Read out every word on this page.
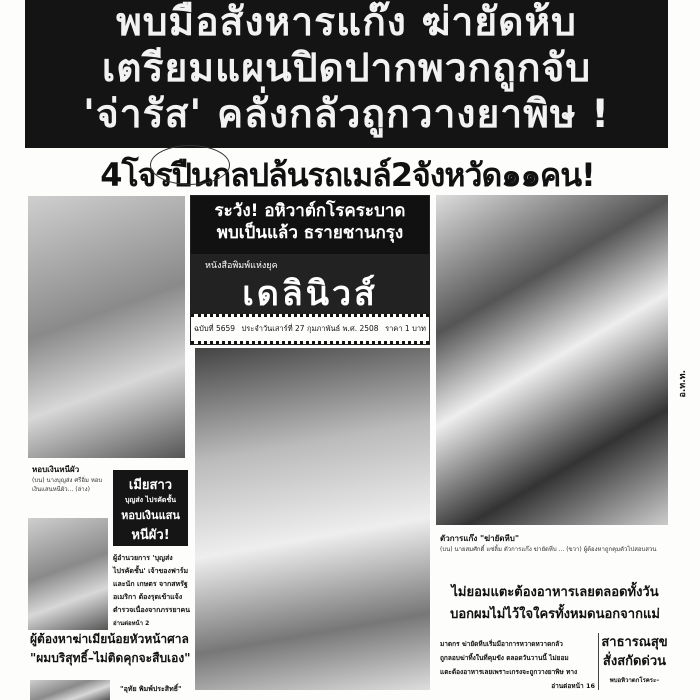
พบมือสังหารแก๊ง ฆ่ายัดห้บ
เตรียมแผนปิดปากพวกถูกจับ
'จ่ารัส' คลั่งกลัวถูกวางยาพิษ !
4โจรปืนกลปล้นรถเมล์2จังหวัด๑๑คน!
หอบเงินหนีผัว
(บน) นางบุญส่ง ศรีอิ่ม หอบเงินแสนหนีผัว... (ล่าง)	เมียสาว
บุญส่ง ไปรคัดชั้น
หอบเงินแสน
หนีผัว!
ผู้อำนวยการ 'บุญส่ง
ไปรคัดชั้น' เจ้าของฟาร์ม
และนัก เกษตร จากสหรัฐ
อเมริกา ต้องรุดเข้าแจ้ง
ตำรวจเนื่องจากภรรยาคน
อ่านต่อหน้า 2
ผู้ต้องหาฆ่าเมียน้อยหัวหน้าศาล
"ผมบริสุทธิ์–ไม่ติดคุกจะสืบเอง"
"อุทัย พิมพ์ประสิทธิ์"
ระวัง! อหิวาต์กโรคระบาด
พบเป็นแล้ว ธรายชานกรุง
หนังสือพิมพ์แห่งยุค
เดลินิวส์
ฉบับที่ 5659 ประจำวันเสาร์ที่ 27 กุมภาพันธ์ พ.ศ. 2508 ราคา 1 บาท
ตัวการแก๊ง "ฆ่ายัดหีบ"
(บน) นายสมศักดิ์ แซ่ลิ้ม ตัวการแก๊ง ฆ่ายัดหีบ ... (ขวา) ผู้ต้องหาถูกคุมตัวไปสอบสวน
ไม่ยอมแตะต้องอาหารเลยตลอดทั้งวัน
บอกผมไม่ไว้ใจใครทั้งหมดนอกจากแม่
มาตกร ฆ่ายัดหีบเริ่มมีอาการหวาดหวาดกลัว
ถูกลอบฆ่าทิ้งในที่คุมขัง ตลอดวันวานนี้ ไม่ยอม
แตะต้องอาหารเลยเพราะเกรงจะถูกวางยาพิษ ทาง
อ่านต่อหน้า 16
สาธารณสุข
สั่งสกัดด่วน
พบอหิวาตกโรคระ–
อ.ท.ท.
